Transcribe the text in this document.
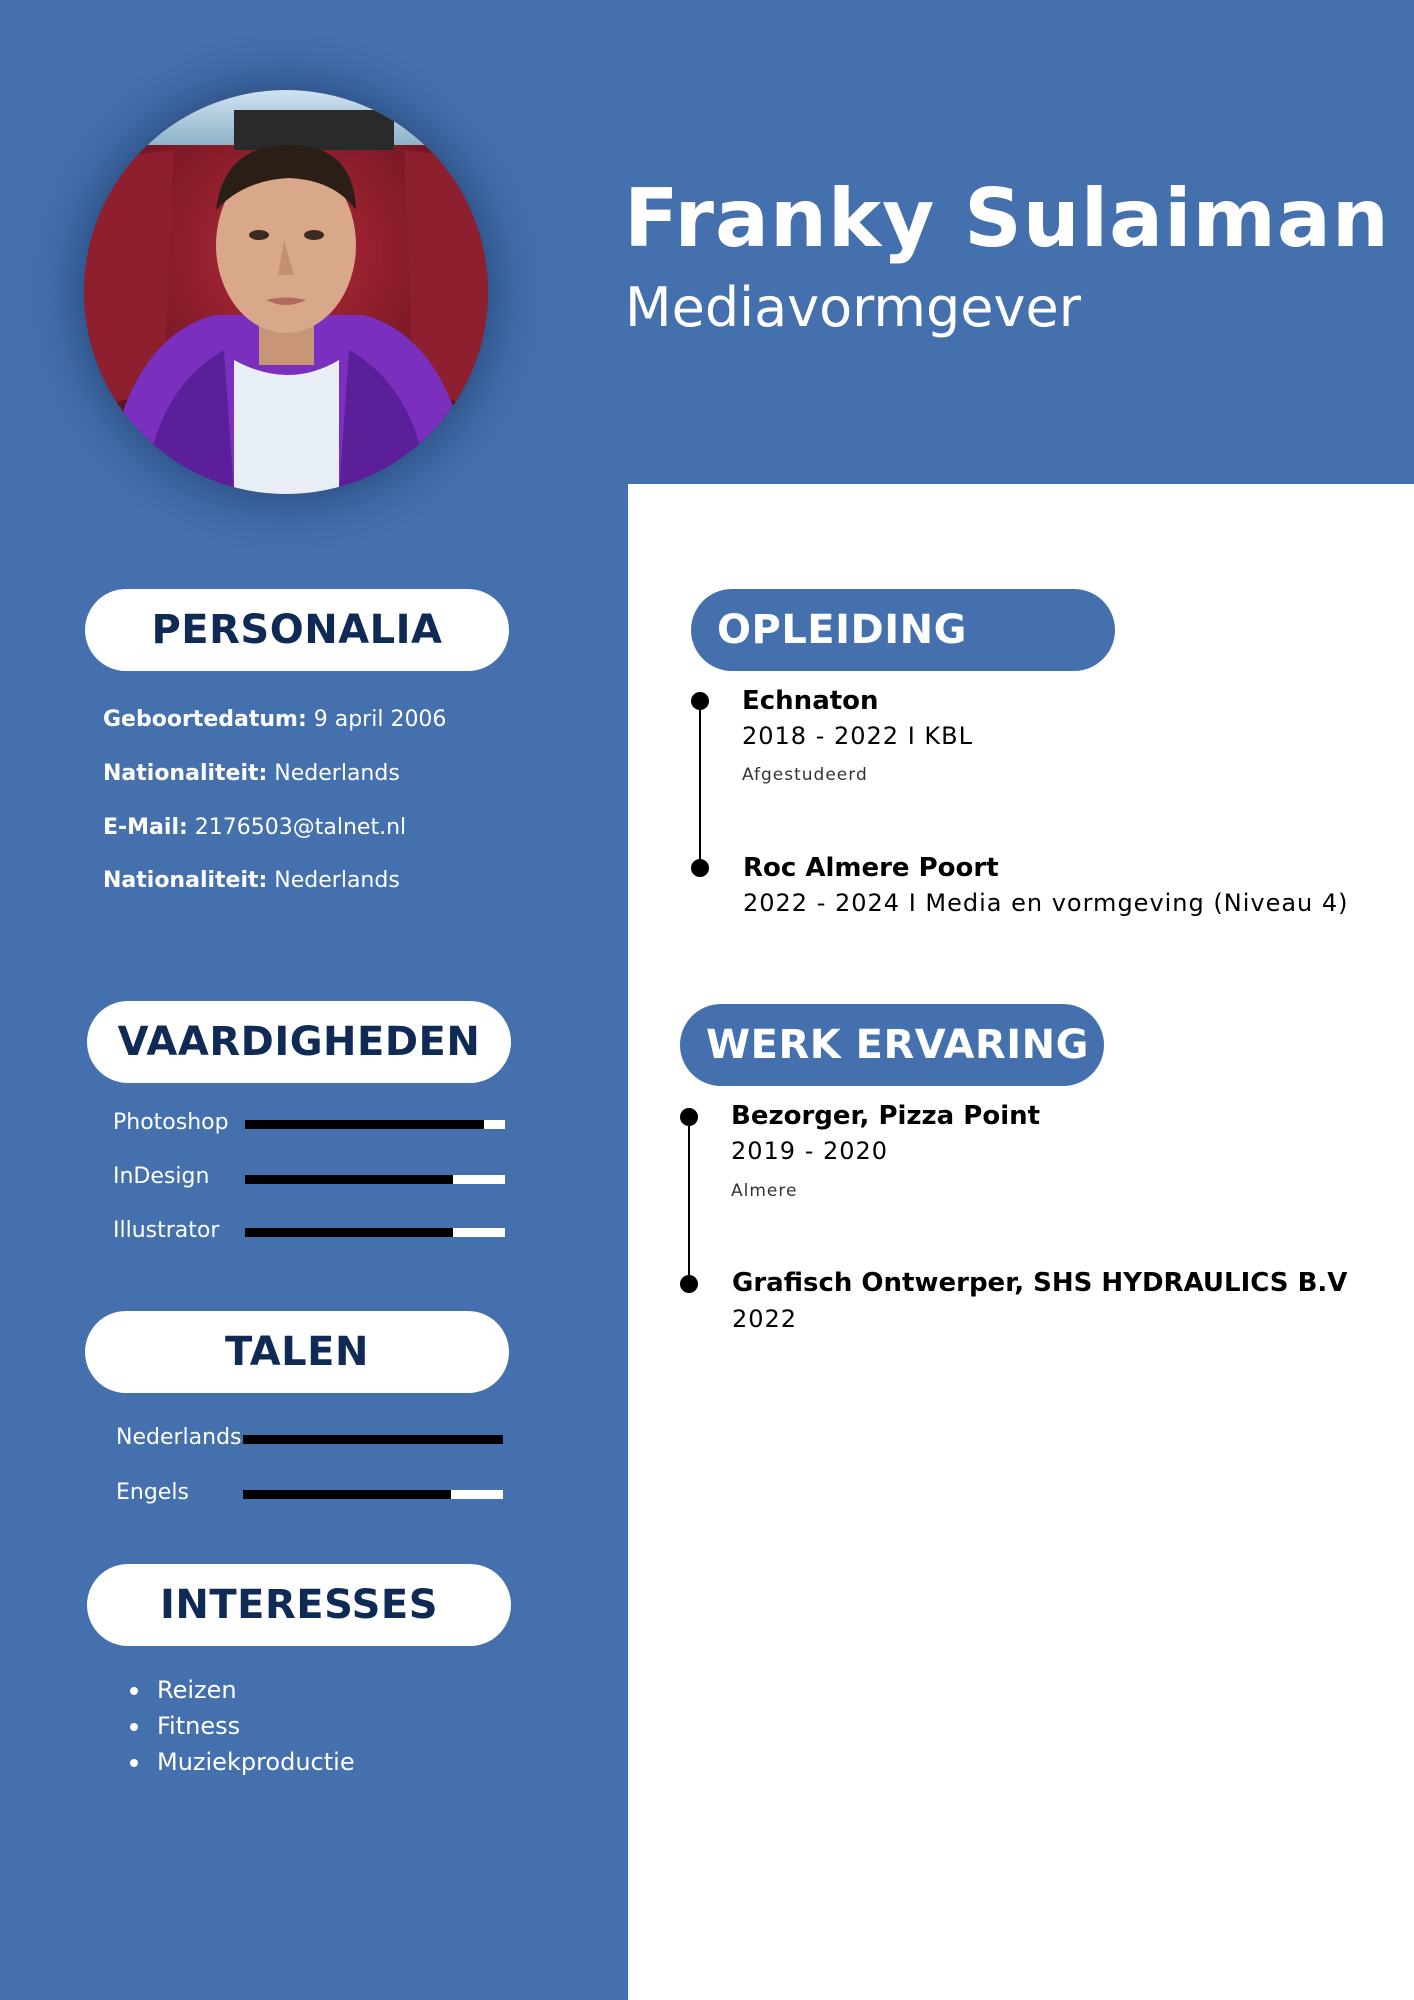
Franky Sulaiman
Mediavormgever
PERSONALIA
Geboortedatum: 9 april 2006
Nationaliteit: Nederlands
E-Mail: 2176503@talnet.nl
Nationaliteit: Nederlands
VAARDIGHEDEN
Photoshop
InDesign
Illustrator
TALEN
Nederlands
Engels
INTERESSES
Reizen
Fitness
Muziekproductie
OPLEIDING
Echnaton
2018 - 2022 I KBL
Afgestudeerd
Roc Almere Poort
2022 - 2024 I Media en vormgeving (Niveau 4)
WERK ERVARING
Bezorger, Pizza Point
2019 - 2020
Almere
Grafisch Ontwerper, SHS HYDRAULICS B.V
2022
